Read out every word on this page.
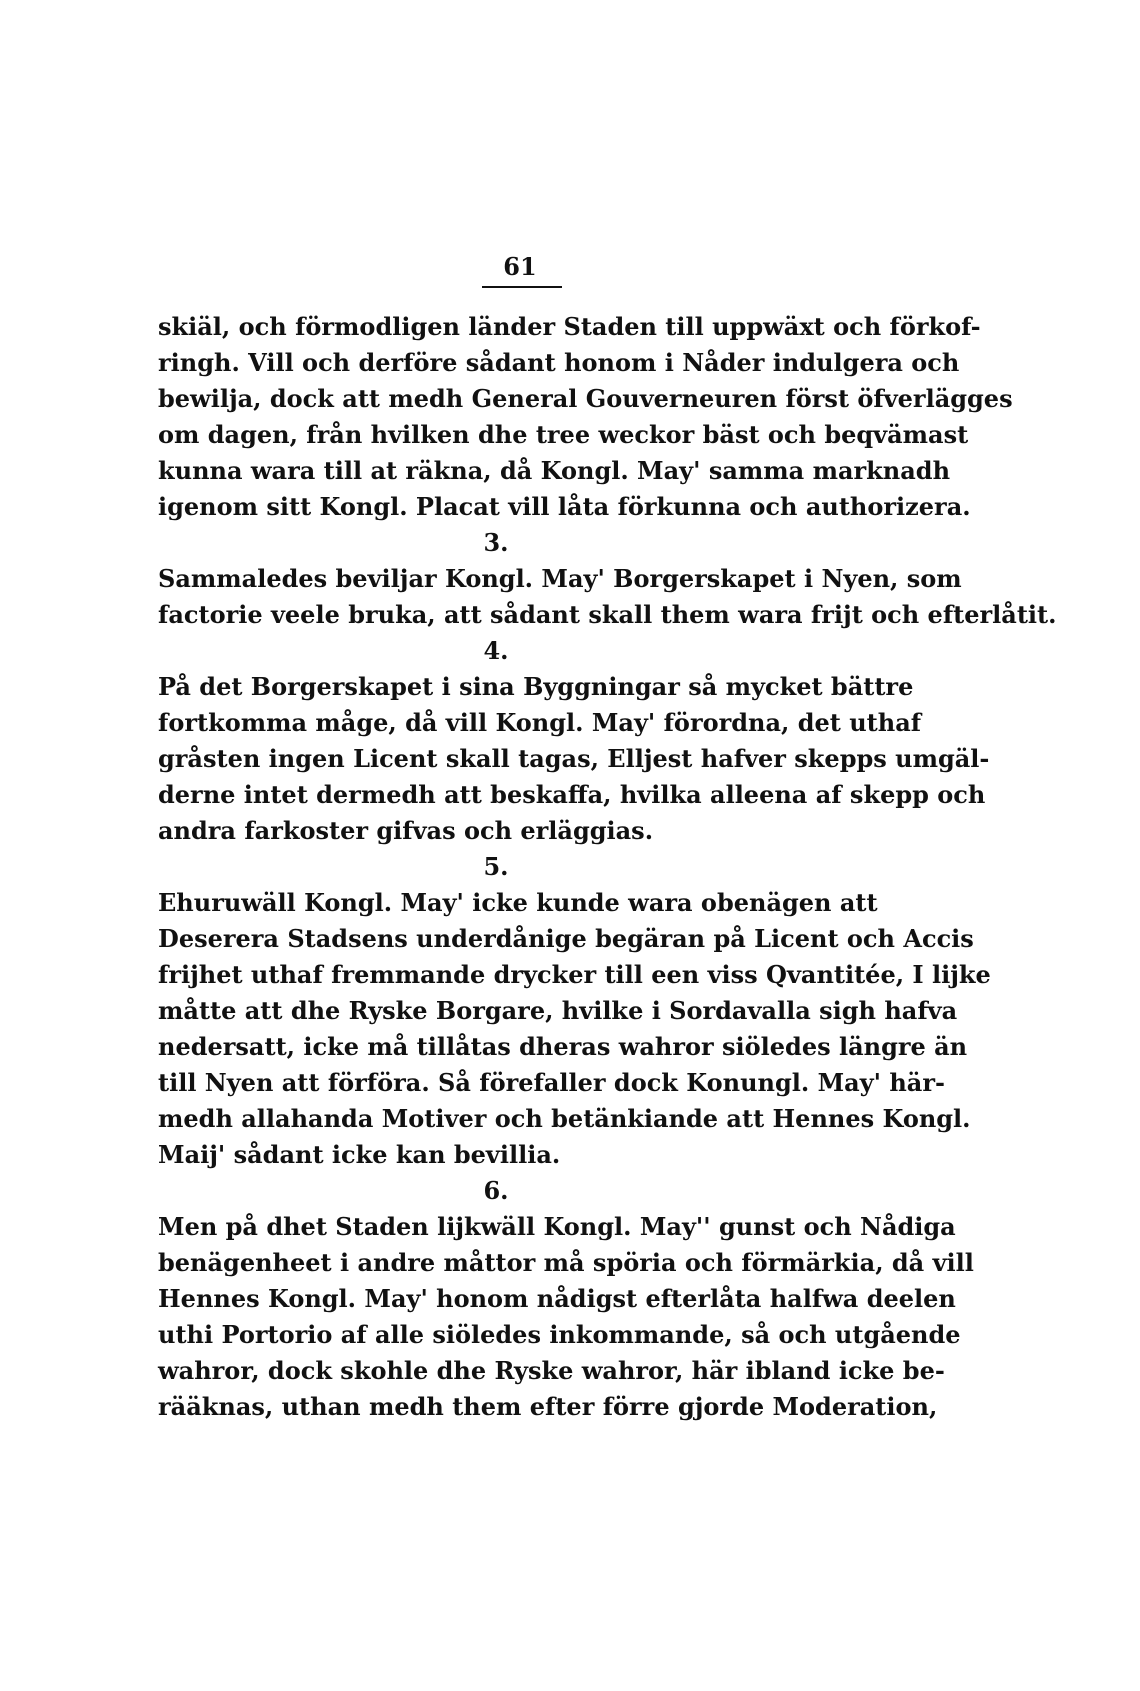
61
skiäl, och förmodligen länder Staden till uppwäxt och förkof-
ringh. Vill och derföre sådant honom i Nåder indulgera och
bewilja, dock att medh General Gouverneuren först öfverlägges
om dagen, från hvilken dhe tree weckor bäst och beqvämast
kunna wara till at räkna, då Kongl. May' samma marknadh
igenom sitt Kongl. Placat vill låta förkunna och authorizera.
3.
Sammaledes beviljar Kongl. May' Borgerskapet i Nyen, som
factorie veele bruka, att sådant skall them wara frijt och efterlåtit.
4.
På det Borgerskapet i sina Byggningar så mycket bättre
fortkomma måge, då vill Kongl. May' förordna, det uthaf
gråsten ingen Licent skall tagas, Elljest hafver skepps umgäl-
derne intet dermedh att beskaffa, hvilka alleena af skepp och
andra farkoster gifvas och erläggias.
5.
Ehuruwäll Kongl. May' icke kunde wara obenägen att
Deserera Stadsens underdånige begäran på Licent och Accis
frijhet uthaf fremmande drycker till een viss Qvantitée, I lijke
måtte att dhe Ryske Borgare, hvilke i Sordavalla sigh hafva
nedersatt, icke må tillåtas dheras wahror siöledes längre än
till Nyen att förföra. Så förefaller dock Konungl. May' här-
medh allahanda Motiver och betänkiande att Hennes Kongl.
Maij' sådant icke kan bevillia.
6.
Men på dhet Staden lijkwäll Kongl. May'' gunst och Nådiga
benägenheet i andre måttor må spöria och förmärkia, då vill
Hennes Kongl. May' honom nådigst efterlåta halfwa deelen
uthi Portorio af alle siöledes inkommande, så och utgående
wahror, dock skohle dhe Ryske wahror, här ibland icke be-
rääknas, uthan medh them efter förre gjorde Moderation,
